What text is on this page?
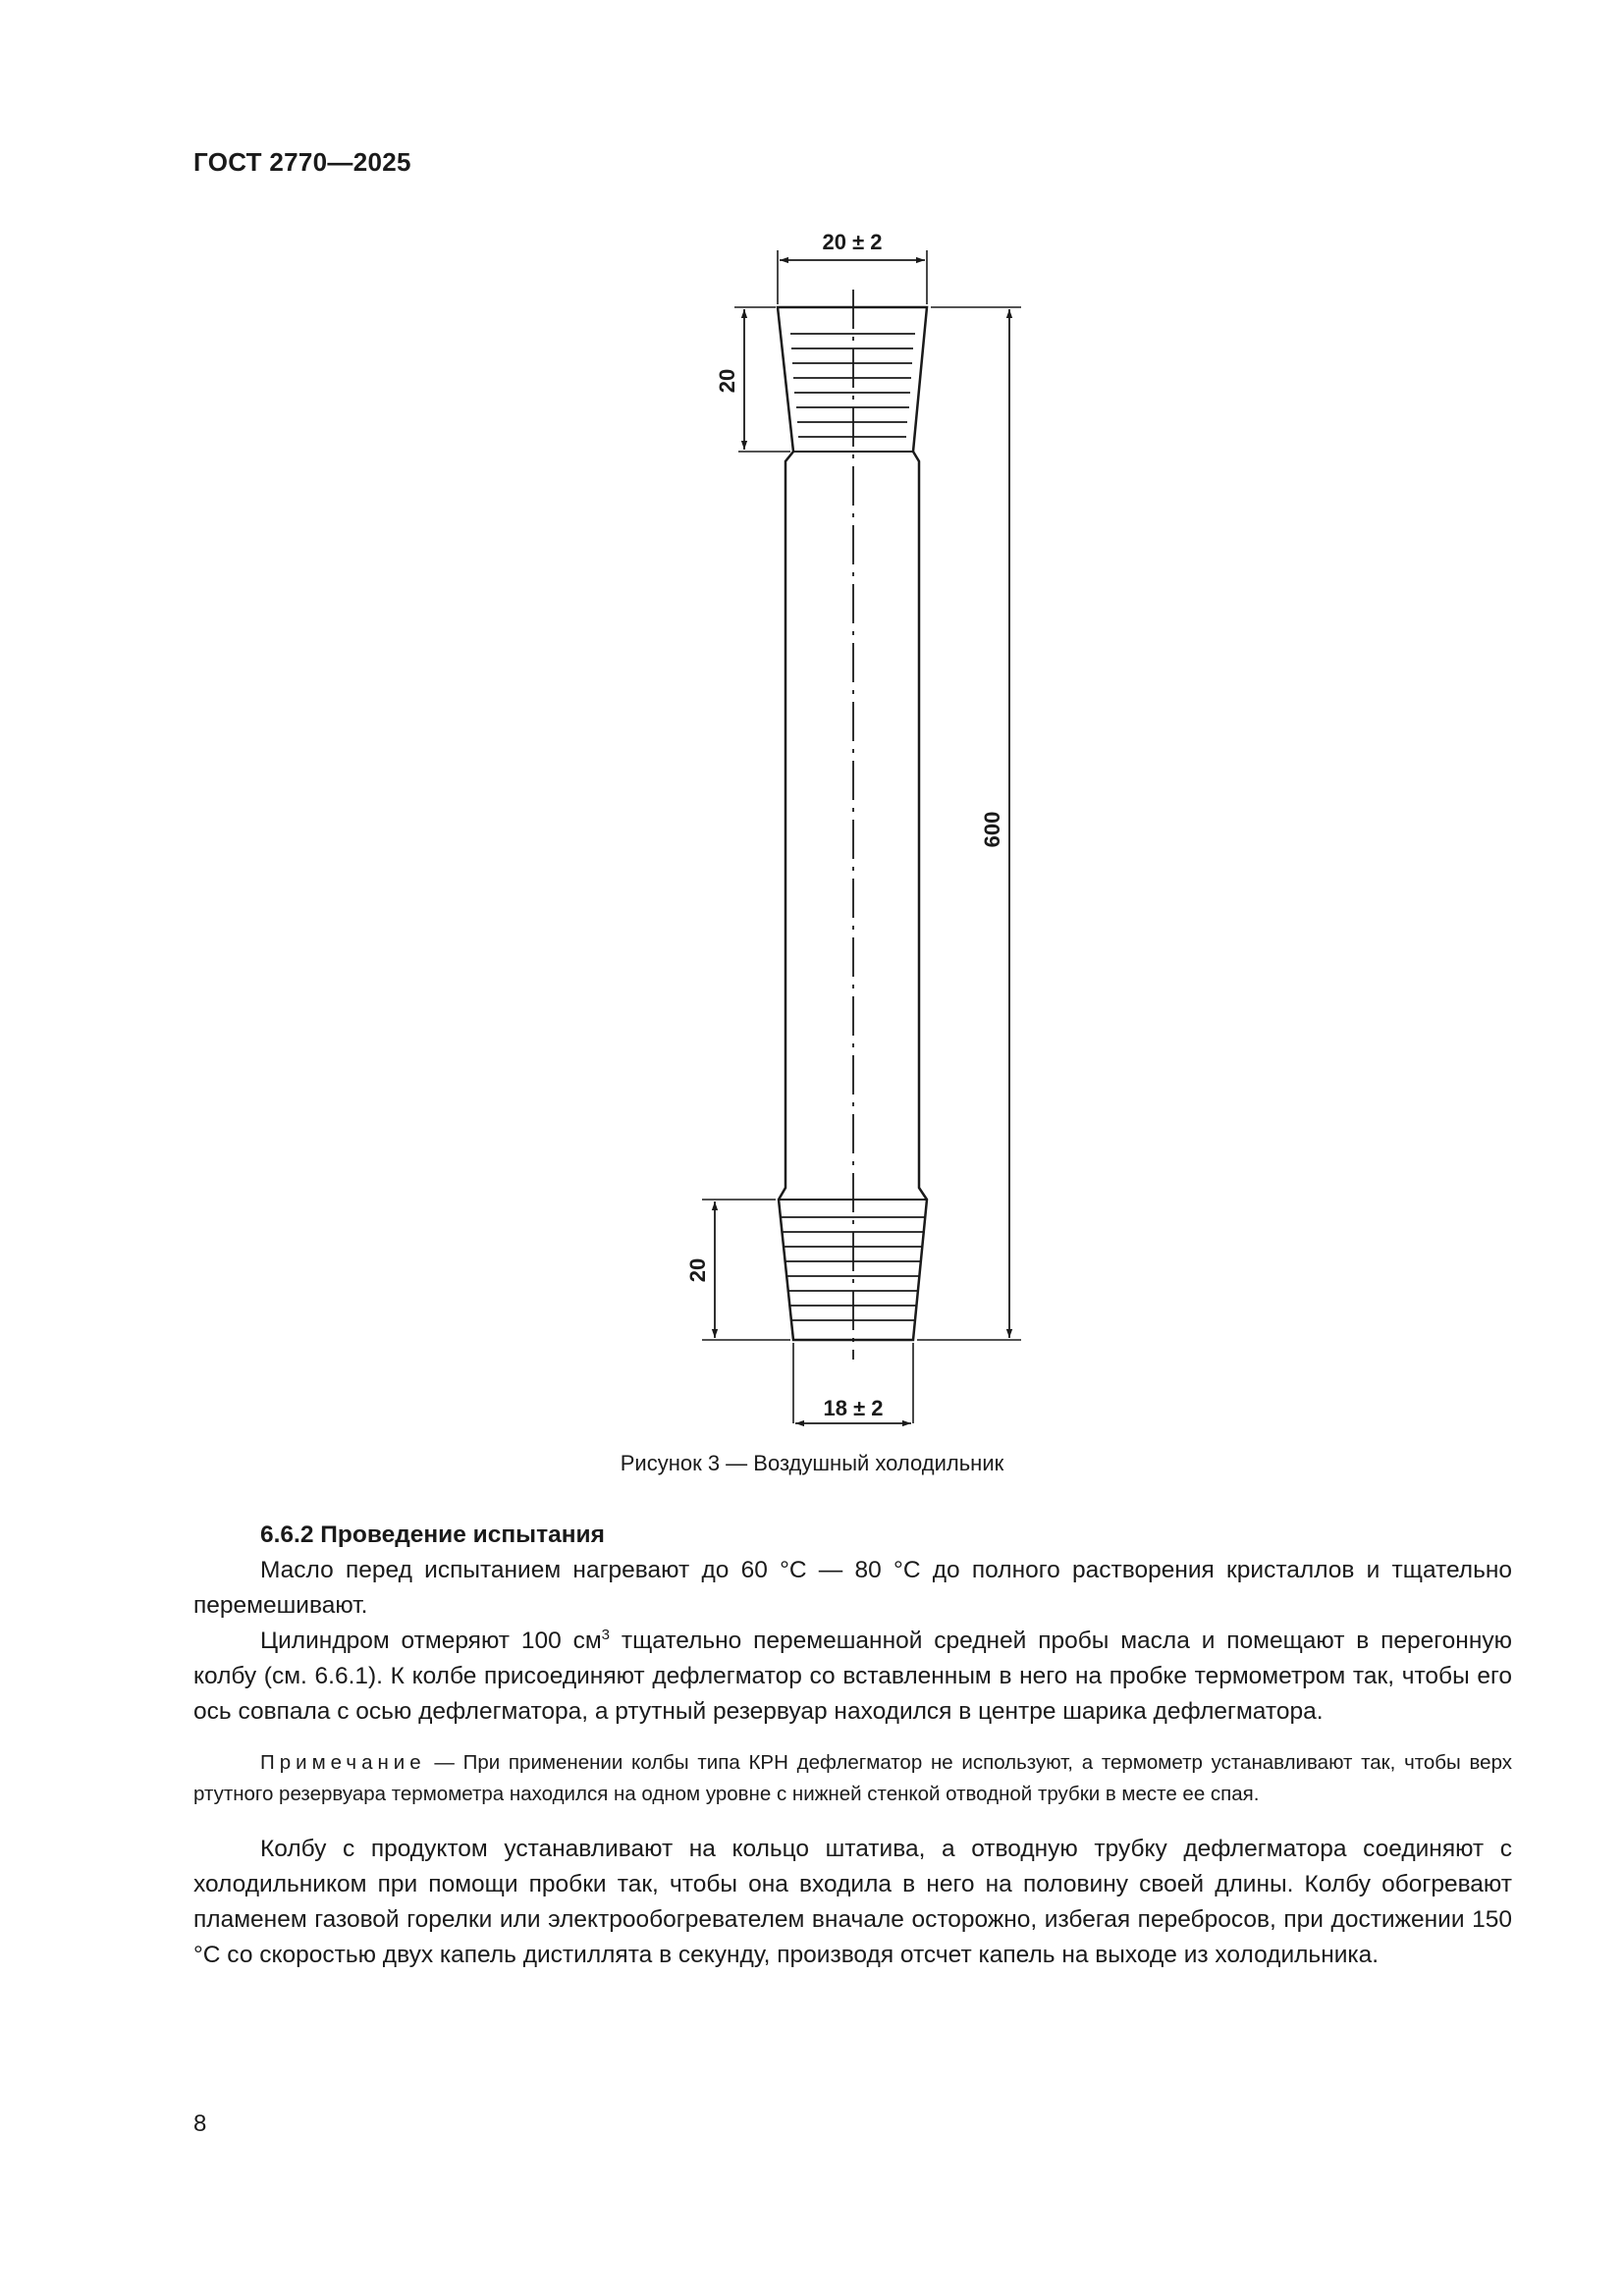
ГОСТ 2770—2025
20 ± 2
18 ± 2
20
20
600
Рисунок 3 — Воздушный холодильник

6.6.2 Проведение испытания

Масло перед испытанием нагревают до 60 °С — 80 °С до полного растворения кристаллов и тщательно перемешивают.

Цилиндром отмеряют 100 $см^3$ тщательно перемешанной средней пробы масла и помещают в перегонную колбу (см. 6.6.1). К колбе присоединяют дефлегматор со вставленным в него на пробке термометром так, чтобы его ось совпала с осью дефлегматора, а ртутный резервуар находился в центре шарика дефлегматора.

Примечание — При применении колбы типа КРН дефлегматор не используют, а термометр устанавливают так, чтобы верх ртутного резервуара термометра находился на одном уровне с нижней стенкой отводной трубки в месте ее спая.

Колбу с продуктом устанавливают на кольцо штатива, а отводную трубку дефлегматора соединяют с холодильником при помощи пробки так, чтобы она входила в него на половину своей длины. Колбу обогревают пламенем газовой горелки или электрообогревателем вначале осторожно, избегая перебросов, при достижении 150 °С со скоростью двух капель дистиллята в секунду, производя отсчет капель на выходе из холодильника.

8
